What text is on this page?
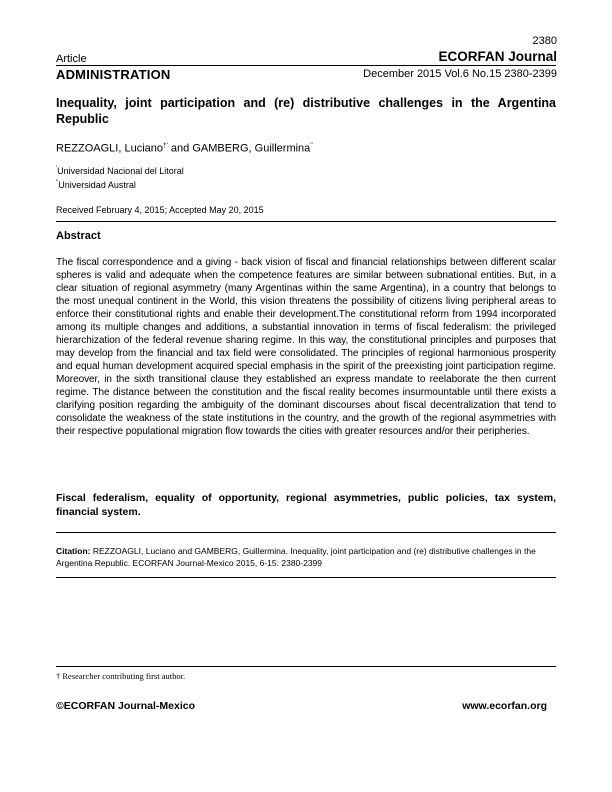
2380
Article	ECORFAN Journal
ADMINISTRATION	December 2015 Vol.6 No.15 2380-2399
Inequality, joint participation and (re) distributive challenges in the Argentina Republic
REZZOAGLI, Luciano†' and GAMBERG, Guillermina''
'Universidad Nacional del Litoral
''Universidad Austral
Received February 4, 2015; Accepted May 20, 2015
Abstract
The fiscal correspondence and a giving - back vision of fiscal and financial relationships between different scalar spheres is valid and adequate when the competence features are similar between subnational entities. But, in a clear situation of regional asymmetry (many Argentinas within the same Argentina), in a country that belongs to the most unequal continent in the World, this vision threatens the possibility of citizens living peripheral areas to enforce their constitutional rights and enable their development.The constitutional reform from 1994 incorporated among its multiple changes and additions, a substantial innovation in terms of fiscal federalism: the privileged hierarchization of the federal revenue sharing regime. In this way, the constitutional principles and purposes that may develop from the financial and tax field were consolidated. The principles of regional harmonious prosperity and equal human development acquired special emphasis in the spirit of the preexisting joint participation regime. Moreover, in the sixth transitional clause they established an express mandate to reelaborate the then current regime. The distance between the constitution and the fiscal reality becomes insurmountable until there exists a clarifying position regarding the ambiguity of the dominant discourses about fiscal decentralization that tend to consolidate the weakness of the state institutions in the country, and the growth of the regional asymmetries with their respective populational migration flow towards the cities with greater resources and/or their peripheries.
Fiscal federalism, equality of opportunity, regional asymmetries, public policies, tax system, financial system.
Citation: REZZOAGLI, Luciano and GAMBERG, Guillermina. Inequality, joint participation and (re) distributive challenges in the Argentina Republic. ECORFAN Journal-Mexico 2015, 6-15: 2380-2399
† Researcher contributing first author.
©ECORFAN Journal-Mexico	www.ecorfan.org
